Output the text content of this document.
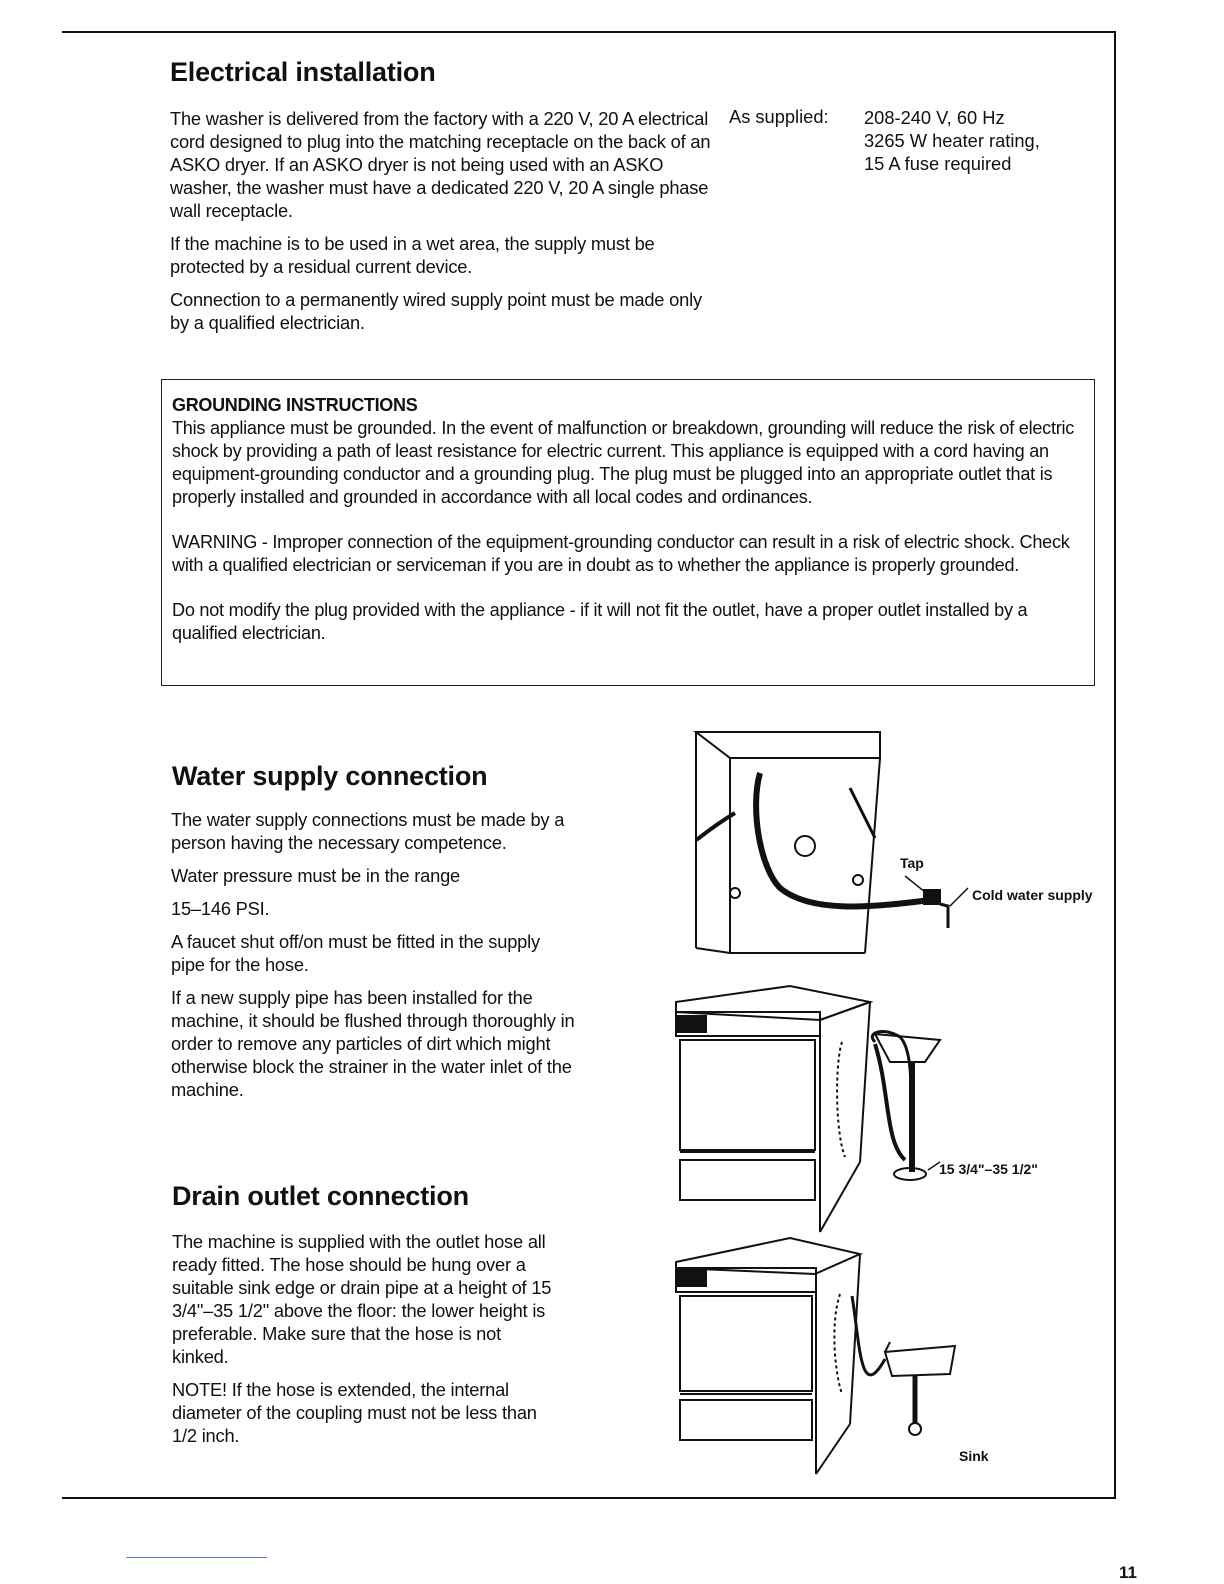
Electrical installation

The washer is delivered from the factory with a 220 V, 20 A electrical cord designed to plug into the matching receptacle on the back of an ASKO dryer. If an ASKO dryer is not being used with an ASKO washer, the washer must have a dedicated 220 V, 20 A single phase wall receptacle.

If the machine is to be used in a wet area, the supply must be protected by a residual current device.

Connection to a permanently wired supply point must be made only by a qualified electrician.

As supplied: 208-240 V, 60 Hz
3265 W heater rating,
15 A fuse required
GROUNDING INSTRUCTIONS

This appliance must be grounded. In the event of malfunction or breakdown, grounding will reduce the risk of electric shock by providing a path of least resistance for electric current. This appliance is equipped with a cord having an equipment-grounding conductor and a grounding plug. The plug must be plugged into an appropriate outlet that is properly installed and grounded in accordance with all local codes and ordinances.

WARNING - Improper connection of the equipment-grounding conductor can result in a risk of electric shock. Check with a qualified electrician or serviceman if you are in doubt as to whether the appliance is properly grounded.

Do not modify the plug provided with the appliance - if it will not fit the outlet, have a proper outlet installed by a qualified electrician.

Water supply connection

The water supply connections must be made by a person having the necessary competence.

Water pressure must be in the range

15–146 PSI.

A faucet shut off/on must be fitted in the supply pipe for the hose.

If a new supply pipe has been installed for the machine, it should be flushed through thoroughly in order to remove any particles of dirt which might otherwise block the strainer in the water inlet of the machine.

Drain outlet connection

The machine is supplied with the outlet hose all ready fitted. The hose should be hung over a suitable sink edge or drain pipe at a height of 15 3/4"–35 1/2" above the floor: the lower height is preferable. Make sure that the hose is not kinked.

NOTE! If the hose is extended, the internal diameter of the coupling must not be less than 1/2 inch.

Tap
Cold water supply
15 3/4"–35 1/2"
Sink
11
